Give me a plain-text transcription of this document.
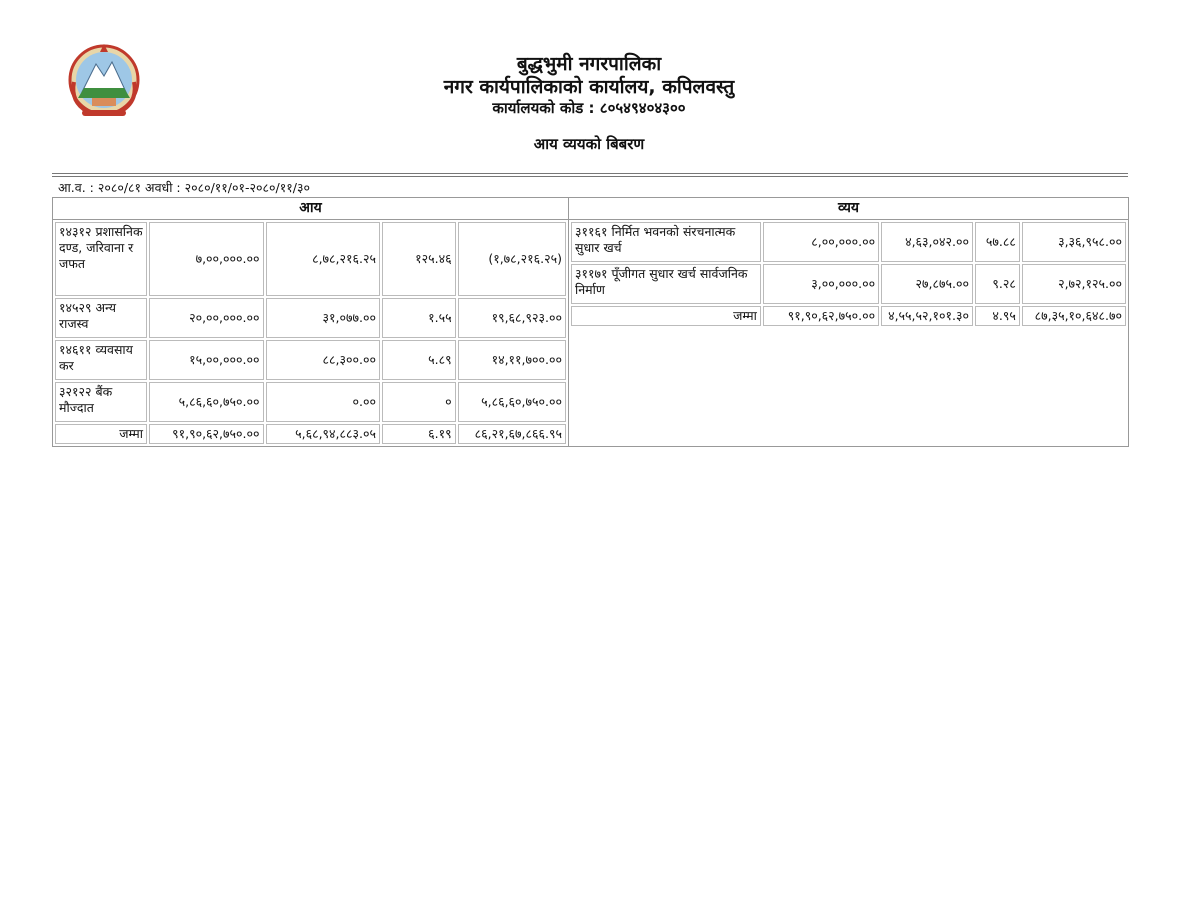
बुद्धभुमी नगरपालिका
नगर कार्यपालिकाको कार्यालय, कपिलवस्तु
कार्यालयको कोड : ८०५४९४०४३००
आय व्ययको बिबरण
आ.व. : २०८०/८१ अवधी : २०८०/११/०१-२०८०/११/३०
आय	व्यय

१४३१२ प्रशासनिक दण्ड, जरिवाना र जफत	७,००,०००.००	८,७८,२१६.२५	१२५.४६	(१,७८,२१६.२५)
१४५२९ अन्य राजस्व	२०,००,०००.००	३१,०७७.००	१.५५	१९,६८,९२३.००
१४६११ व्यवसाय कर	१५,००,०००.००	८८,३००.००	५.८९	१४,११,७००.००
३२१२२ बैंक मौज्दात	५,८६,६०,७५०.००	०.००	०	५,८६,६०,७५०.००
जम्मा	९१,९०,६२,७५०.००	५,६८,९४,८८३.०५	६.१९	८६,२१,६७,८६६.९५

३११६१ निर्मित भवनको संरचनात्मक सुधार खर्च	८,००,०००.००	४,६३,०४२.००	५७.८८	३,३६,९५८.००
३११७१ पूँजीगत सुधार खर्च सार्वजनिक निर्माण	३,००,०००.००	२७,८७५.००	९.२८	२,७२,१२५.००
जम्मा	९१,९०,६२,७५०.००	४,५५,५२,१०१.३०	४.९५	८७,३५,१०,६४८.७०
